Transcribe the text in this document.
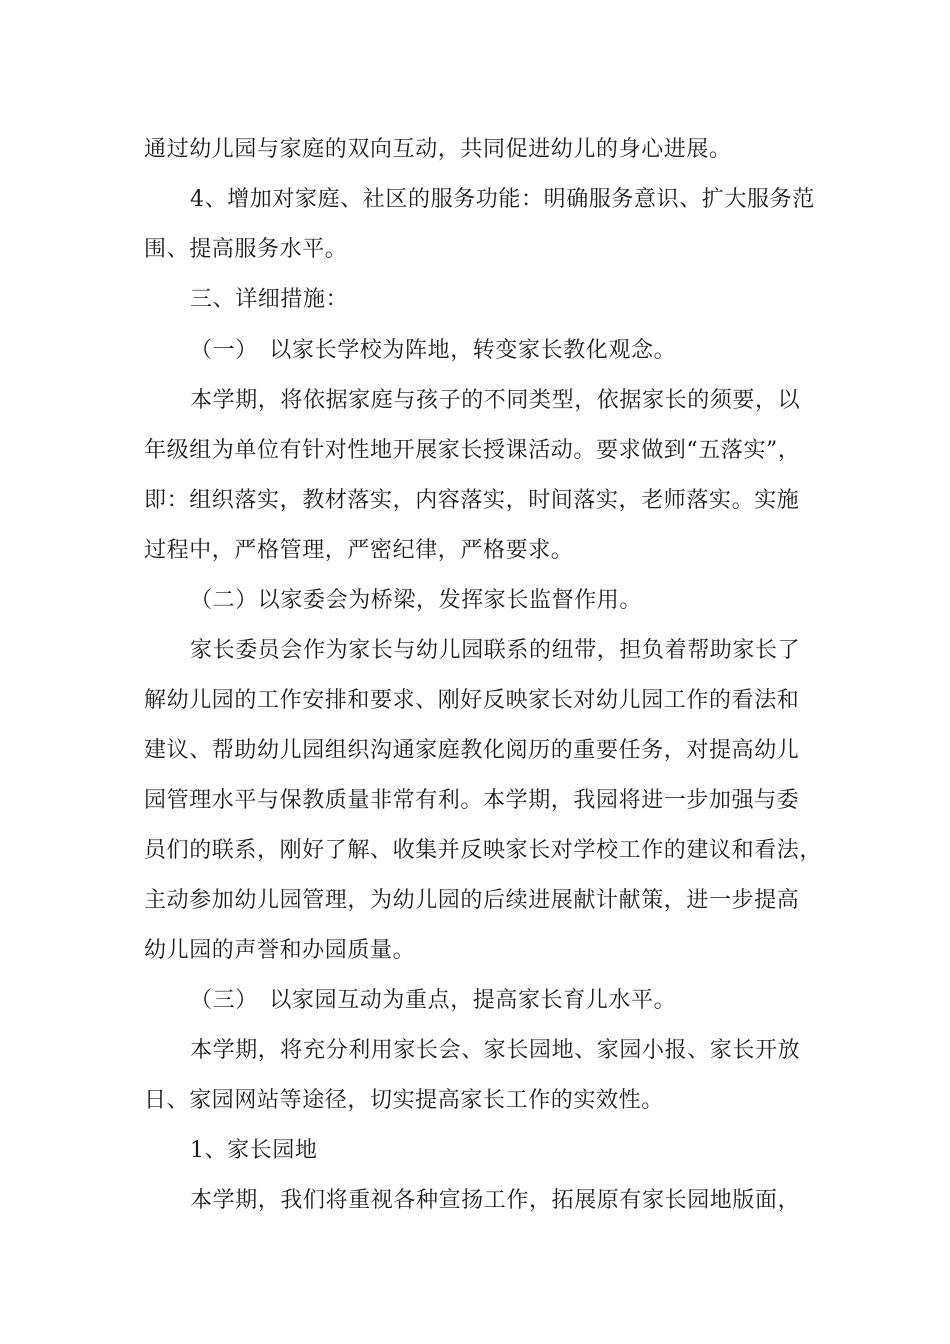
通过幼儿园与家庭的双向互动，共同促进幼儿的身心进展。
4、增加对家庭、社区的服务功能：明确服务意识、扩大服务范
围、提高服务水平。
三、详细措施：
（一）　以家长学校为阵地，转变家长教化观念。
本学期，将依据家庭与孩子的不同类型，依据家长的须要，以
年级组为单位有针对性地开展家长授课活动。要求做到“五落实”，
即：组织落实，教材落实，内容落实，时间落实，老师落实。实施
过程中，严格管理，严密纪律，严格要求。
（二）以家委会为桥梁，发挥家长监督作用。
家长委员会作为家长与幼儿园联系的纽带，担负着帮助家长了
解幼儿园的工作安排和要求、刚好反映家长对幼儿园工作的看法和
建议、帮助幼儿园组织沟通家庭教化阅历的重要任务，对提高幼儿
园管理水平与保教质量非常有利。本学期，我园将进一步加强与委
员们的联系，刚好了解、收集并反映家长对学校工作的建议和看法，
主动参加幼儿园管理，为幼儿园的后续进展献计献策，进一步提高
幼儿园的声誉和办园质量。
（三）　以家园互动为重点，提高家长育儿水平。
本学期，将充分利用家长会、家长园地、家园小报、家长开放
日、家园网站等途径，切实提高家长工作的实效性。
1、家长园地
本学期，我们将重视各种宣扬工作，拓展原有家长园地版面，
